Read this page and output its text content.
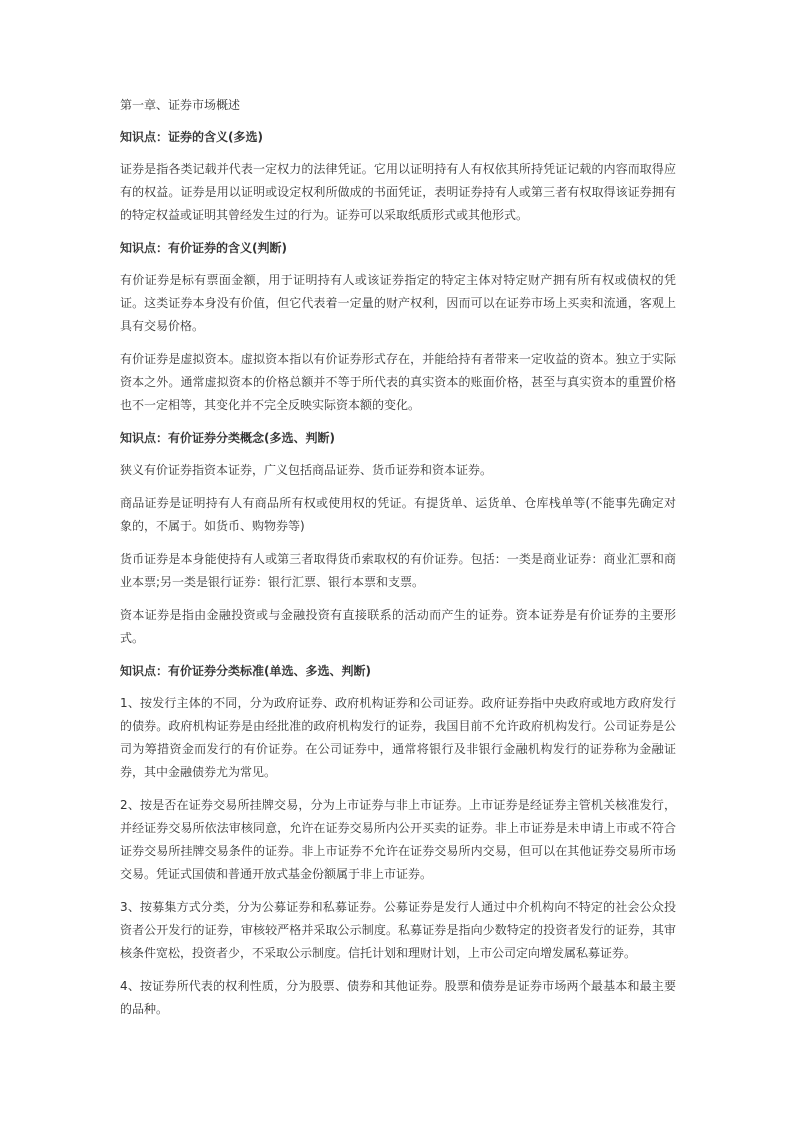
第一章、证券市场概述
知识点：证券的含义(多选)
证券是指各类记载并代表一定权力的法律凭证。它用以证明持有人有权依其所持凭证记载的内容而取得应有的权益。证券是用以证明或设定权利所做成的书面凭证，表明证券持有人或第三者有权取得该证券拥有的特定权益或证明其曾经发生过的行为。证券可以采取纸质形式或其他形式。
知识点：有价证券的含义(判断)
有价证券是标有票面金额，用于证明持有人或该证券指定的特定主体对特定财产拥有所有权或债权的凭证。这类证券本身没有价值，但它代表着一定量的财产权利，因而可以在证券市场上买卖和流通，客观上具有交易价格。
有价证券是虚拟资本。虚拟资本指以有价证券形式存在，并能给持有者带来一定收益的资本。独立于实际资本之外。通常虚拟资本的价格总额并不等于所代表的真实资本的账面价格，甚至与真实资本的重置价格也不一定相等，其变化并不完全反映实际资本额的变化。
知识点：有价证券分类概念(多选、判断)
狭义有价证券指资本证券，广义包括商品证券、货币证券和资本证券。
商品证券是证明持有人有商品所有权或使用权的凭证。有提货单、运货单、仓库栈单等(不能事先确定对象的，不属于。如货币、购物券等)
货币证券是本身能使持有人或第三者取得货币索取权的有价证券。包括：一类是商业证券：商业汇票和商业本票;另一类是银行证券：银行汇票、银行本票和支票。
资本证券是指由金融投资或与金融投资有直接联系的活动而产生的证券。资本证券是有价证券的主要形式。
知识点：有价证券分类标准(单选、多选、判断)
1、按发行主体的不同，分为政府证券、政府机构证券和公司证券。政府证券指中央政府或地方政府发行的债券。政府机构证券是由经批准的政府机构发行的证券，我国目前不允许政府机构发行。公司证券是公司为筹措资金而发行的有价证券。在公司证券中，通常将银行及非银行金融机构发行的证券称为金融证券，其中金融债券尤为常见。
2、按是否在证券交易所挂牌交易，分为上市证券与非上市证券。上市证券是经证券主管机关核准发行，并经证券交易所依法审核同意，允许在证券交易所内公开买卖的证券。非上市证券是未申请上市或不符合证券交易所挂牌交易条件的证券。非上市证券不允许在证券交易所内交易，但可以在其他证券交易所市场交易。凭证式国债和普通开放式基金份额属于非上市证券。
3、按募集方式分类，分为公募证券和私募证券。公募证券是发行人通过中介机构向不特定的社会公众投资者公开发行的证券，审核较严格并采取公示制度。私募证券是指向少数特定的投资者发行的证券，其审核条件宽松，投资者少，不采取公示制度。信托计划和理财计划，上市公司定向增发属私募证券。
4、按证券所代表的权利性质，分为股票、债券和其他证券。股票和债券是证券市场两个最基本和最主要的品种。
